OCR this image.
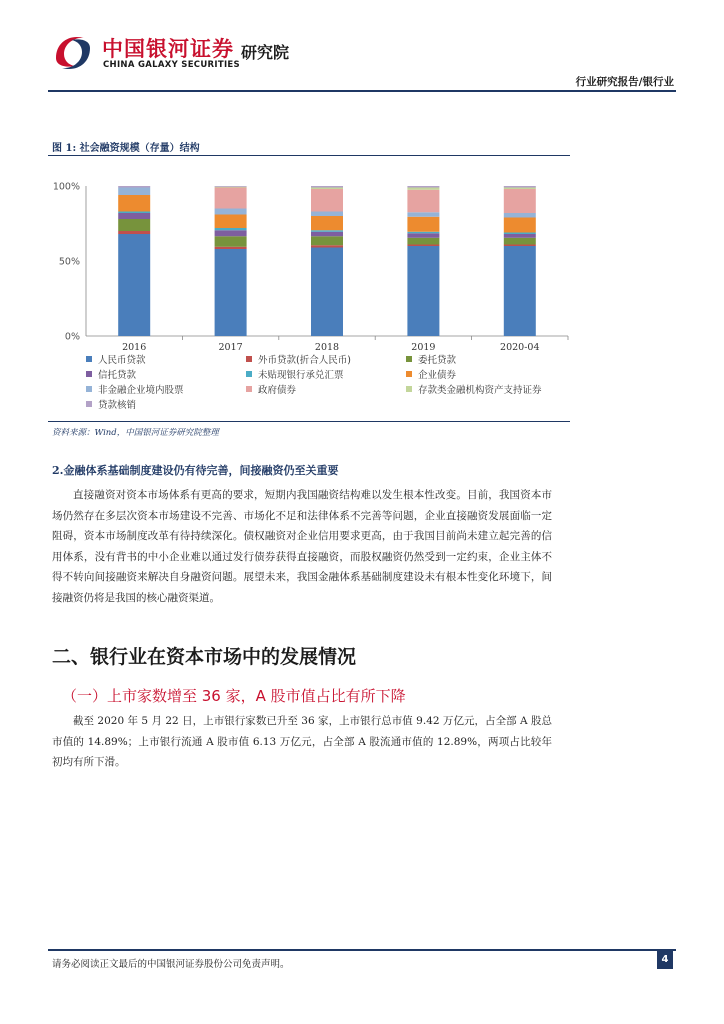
中国银河证券
CHINA GALAXY SECURITIES
研究院
行业研究报告/银行业
图 1: 社会融资规模（存量）结构
0%
50%
100%
2016	2017	2018	2019	2020-04
人民币贷款	外币贷款(折合人民币)	委托贷款
信托贷款	未贴现银行承兑汇票	企业债券
非金融企业境内股票	政府债券	存款类金融机构资产支持证券
贷款核销
资料来源：Wind，中国银河证券研究院整理
2.金融体系基础制度建设仍有待完善，间接融资仍至关重要

直接融资对资本市场体系有更高的要求，短期内我国融资结构难以发生根本性改变。目前，我国资本市场仍然存在多层次资本市场建设不完善、市场化不足和法律体系不完善等问题，企业直接融资发展面临一定阻碍，资本市场制度改革有待持续深化。债权融资对企业信用要求更高，由于我国目前尚未建立起完善的信用体系，没有背书的中小企业难以通过发行债券获得直接融资，而股权融资仍然受到一定约束，企业主体不得不转向间接融资来解决自身融资问题。展望未来，我国金融体系基础制度建设未有根本性变化环境下，间接融资仍将是我国的核心融资渠道。

二、银行业在资本市场中的发展情况
（一）上市家数增至 36 家，A 股市值占比有所下降

截至 2020 年 5 月 22 日，上市银行家数已升至 36 家，上市银行总市值 9.42 万亿元，占全部 A 股总市值的 14.89%；上市银行流通 A 股市值 6.13 万亿元，占全部 A 股流通市值的 12.89%，两项占比较年初均有所下滑。

请务必阅读正文最后的中国银河证券股份公司免责声明。	4
